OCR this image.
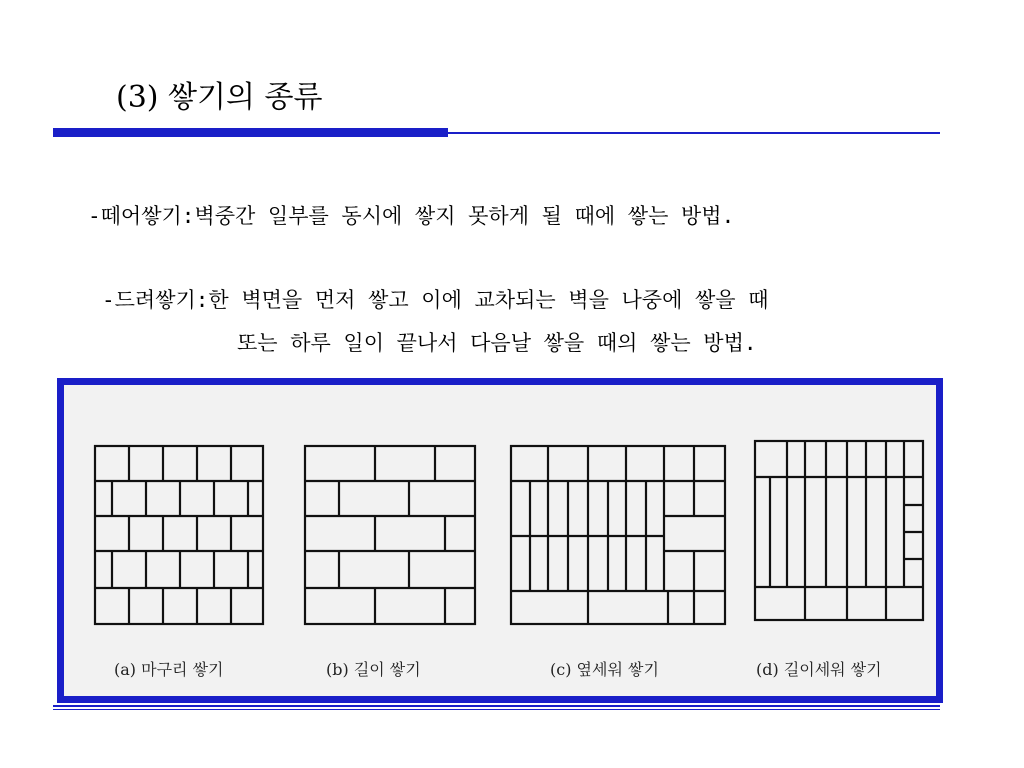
(3) 쌓기의 종류
-떼어쌓기:벽중간 일부를 동시에 쌓지 못하게 될 때에 쌓는 방법.
-드려쌓기:한 벽면을 먼저 쌓고 이에 교차되는 벽을 나중에 쌓을 때
또는 하루 일이 끝나서 다음날 쌓을 때의 쌓는 방법.
(a) 마구리 쌓기	(b) 길이 쌓기	(c) 옆세워 쌓기	(d) 길이세워 쌓기
